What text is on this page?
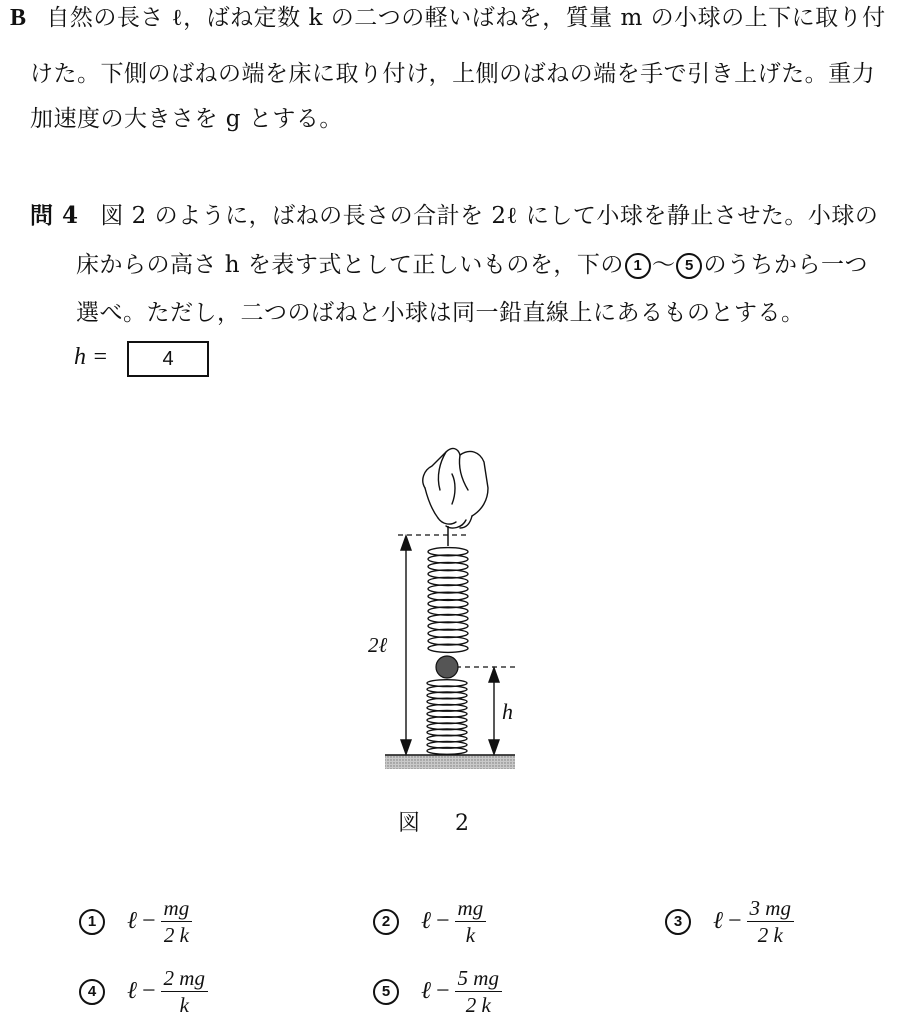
B 自然の長さ ℓ，ばね定数 k の二つの軽いばねを，質量 m の小球の上下に取り付
けた。下側のばねの端を床に取り付け，上側のばねの端を手で引き上げた。重力
加速度の大きさを g とする。
問 4 図 2 のように，ばねの長さの合計を 2ℓ にして小球を静止させた。小球の
床からの高さ h を表す式として正しいものを，下の 1 ～ 5 のうちから一つ
選べ。ただし，二つのばねと小球は同一鉛直線上にあるものとする。
h =	4
2ℓ
h
図 2
1	ℓ − $\frac{mg}{2 k}$	2	ℓ − $\frac{mg}{k}$	3	ℓ − $\frac{3 mg}{2 k}$
4	ℓ − $\frac{2 mg}{k}$	5	ℓ − $\frac{5 mg}{2 k}$
